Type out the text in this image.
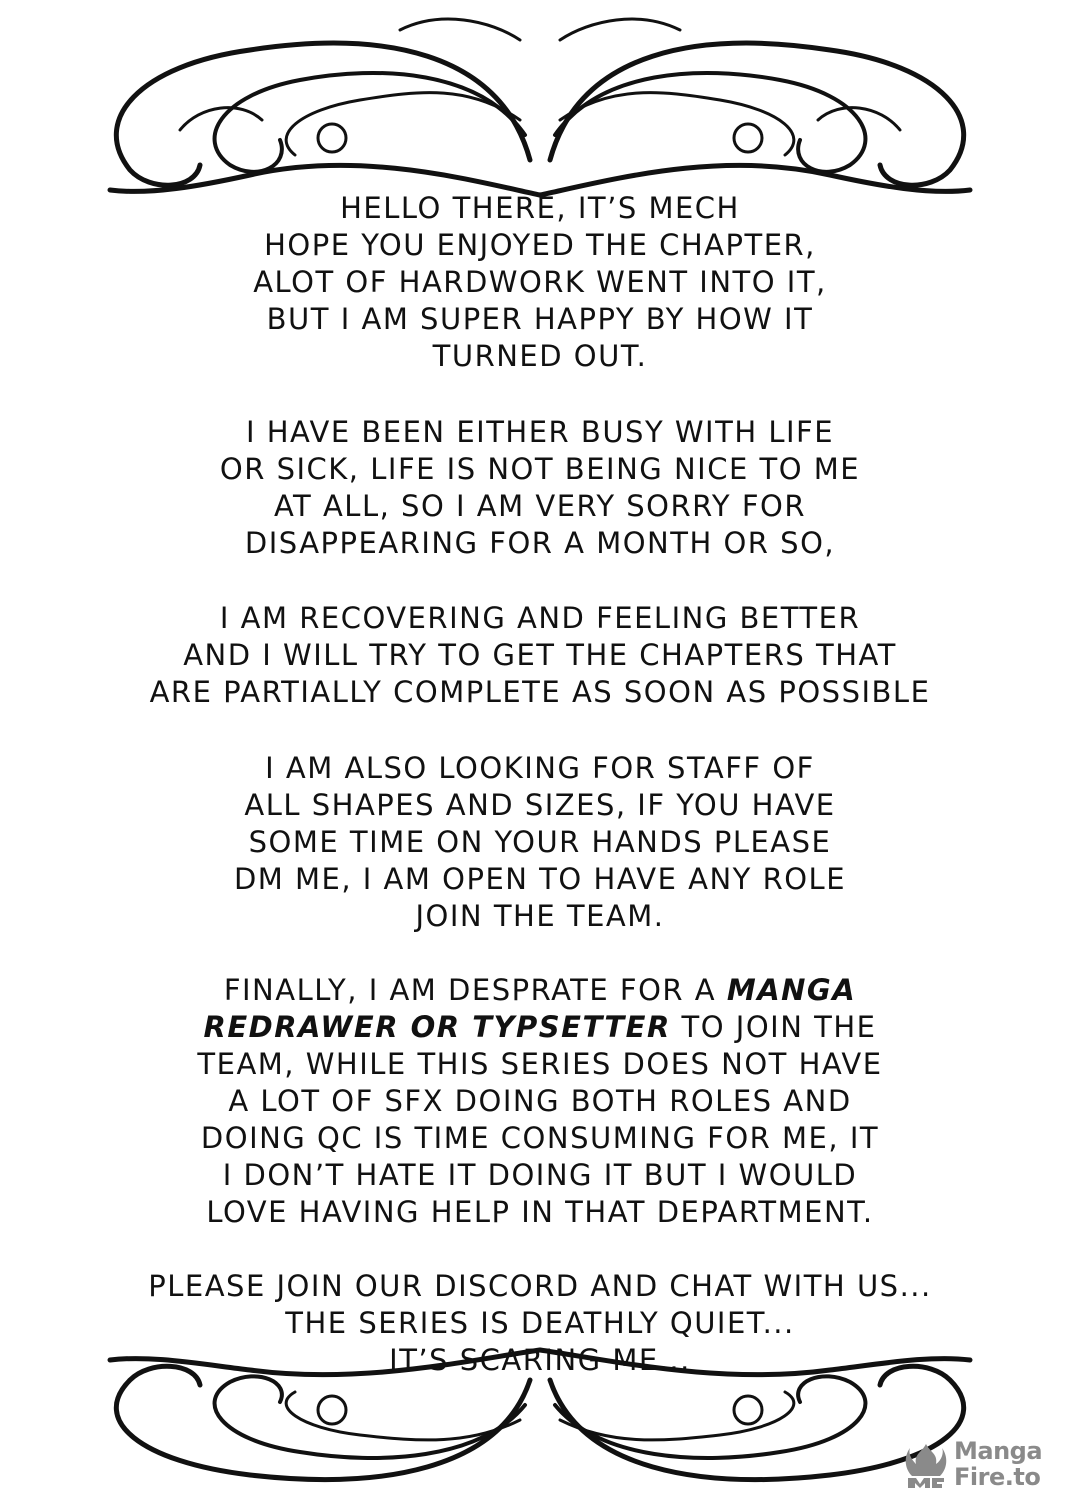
HELLO THERE, IT’S MECH
HOPE YOU ENJOYED THE CHAPTER,
ALOT OF HARDWORK WENT INTO IT,
BUT I AM SUPER HAPPY BY HOW IT
TURNED OUT.
I HAVE BEEN EITHER BUSY WITH LIFE
OR SICK, LIFE IS NOT BEING NICE TO ME
AT ALL, SO I AM VERY SORRY FOR
DISAPPEARING FOR A MONTH OR SO,
I AM RECOVERING AND FEELING BETTER
AND I WILL TRY TO GET THE CHAPTERS THAT
ARE PARTIALLY COMPLETE AS SOON AS POSSIBLE
I AM ALSO LOOKING FOR STAFF OF
ALL SHAPES AND SIZES, IF YOU HAVE
SOME TIME ON YOUR HANDS PLEASE
DM ME, I AM OPEN TO HAVE ANY ROLE
JOIN THE TEAM.
FINALLY, I AM DESPRATE FOR A MANGA
REDRAWER OR TYPSETTER TO JOIN THE
TEAM, WHILE THIS SERIES DOES NOT HAVE
A LOT OF SFX DOING BOTH ROLES AND
DOING QC IS TIME CONSUMING FOR ME, IT
I DON’T HATE IT DOING IT BUT I WOULD
LOVE HAVING HELP IN THAT DEPARTMENT.
PLEASE JOIN OUR DISCORD AND CHAT WITH US...
THE SERIES IS DEATHLY QUIET...
IT’S SCARING ME...
Manga
Fire.to
